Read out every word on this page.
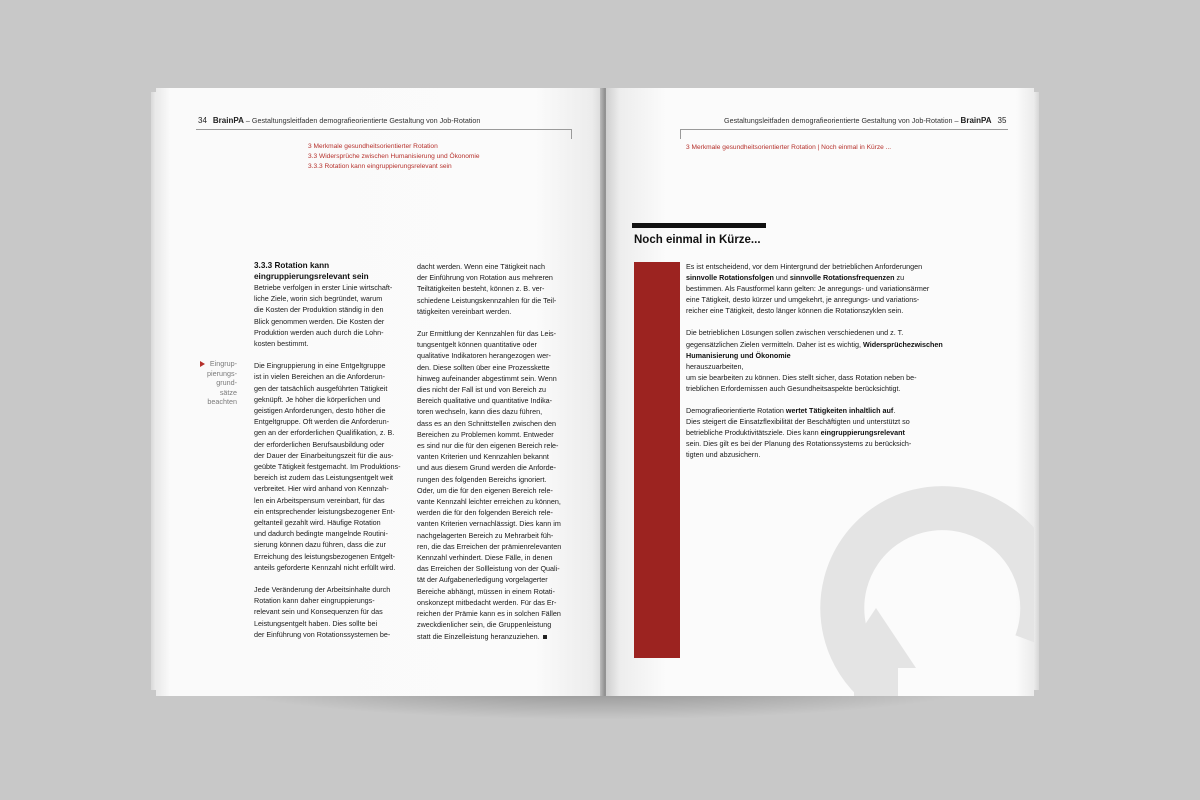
34 BrainPA – Gestaltungsleitfaden demografieorientierte Gestaltung von Job-Rotation
3 Merkmale gesundheitsorientierter Rotation
3.3 Widersprüche zwischen Humanisierung und Ökonomie
3.3.3 Rotation kann eingruppierungsrelevant sein
Eingrup-
pierungs-
grund-
sätze
beachten
3.3.3 Rotation kann
eingruppierungsrelevant sein

Betriebe verfolgen in erster Linie wirtschaft-
liche Ziele, worin sich begründet, warum
die Kosten der Produktion ständig in den
Blick genommen werden. Die Kosten der
Produktion werden auch durch die Lohn-
kosten bestimmt.

Die Eingruppierung in eine Entgeltgruppe
ist in vielen Bereichen an die Anforderun-
gen der tatsächlich ausgeführten Tätigkeit
geknüpft. Je höher die körperlichen und
geistigen Anforderungen, desto höher die
Entgeltgruppe. Oft werden die Anforderun-
gen an der erforderlichen Qualifikation, z. B.
der erforderlichen Berufsausbildung oder
der Dauer der Einarbeitungszeit für die aus-
geübte Tätigkeit festgemacht. Im Produktions-
bereich ist zudem das Leistungsentgelt weit
verbreitet. Hier wird anhand von Kennzah-
len ein Arbeitspensum vereinbart, für das
ein entsprechender leistungsbezogener Ent-
geltanteil gezahlt wird. Häufige Rotation
und dadurch bedingte mangelnde Routini-
sierung können dazu führen, dass die zur
Erreichung des leistungsbezogenen Entgelt-
anteils geforderte Kennzahl nicht erfüllt wird.

Jede Veränderung der Arbeitsinhalte durch
Rotation kann daher eingruppierungs-
relevant sein und Konsequenzen für das
Leistungsentgelt haben. Dies sollte bei
der Einführung von Rotationssystemen be-

dacht werden. Wenn eine Tätigkeit nach
der Einführung von Rotation aus mehreren
Teiltätigkeiten besteht, können z. B. ver-
schiedene Leistungskennzahlen für die Teil-
tätigkeiten vereinbart werden.

Zur Ermittlung der Kennzahlen für das Leis-
tungsentgelt können quantitative oder
qualitative Indikatoren herangezogen wer-
den. Diese sollten über eine Prozesskette
hinweg aufeinander abgestimmt sein. Wenn
dies nicht der Fall ist und von Bereich zu
Bereich qualitative und quantitative Indika-
toren wechseln, kann dies dazu führen,
dass es an den Schnittstellen zwischen den
Bereichen zu Problemen kommt. Entweder
es sind nur die für den eigenen Bereich rele-
vanten Kriterien und Kennzahlen bekannt
und aus diesem Grund werden die Anforde-
rungen des folgenden Bereichs ignoriert.
Oder, um die für den eigenen Bereich rele-
vante Kennzahl leichter erreichen zu können,
werden die für den folgenden Bereich rele-
vanten Kriterien vernachlässigt. Dies kann im
nachgelagerten Bereich zu Mehrarbeit füh-
ren, die das Erreichen der prämienrelevanten
Kennzahl verhindert. Diese Fälle, in denen
das Erreichen der Sollleistung von der Quali-
tät der Aufgabenerledigung vorgelagerter
Bereiche abhängt, müssen in einem Rotati-
onskonzept mitbedacht werden. Für das Er-
reichen der Prämie kann es in solchen Fällen
zweckdienlicher sein, die Gruppenleistung
statt die Einzelleistung heranzuziehen.

Gestaltungsleitfaden demografieorientierte Gestaltung von Job-Rotation – BrainPA 35
3 Merkmale gesundheitsorientierter Rotation | Noch einmal in Kürze ...
Noch einmal in Kürze...

Es ist entscheidend, vor dem Hintergrund der betrieblichen Anforderungen
sinnvolle Rotationsfolgen und sinnvolle Rotationsfrequenzen zu
bestimmen. Als Faustformel kann gelten: Je anregungs- und variationsärmer
eine Tätigkeit, desto kürzer und umgekehrt, je anregungs- und variations-
reicher eine Tätigkeit, desto länger können die Rotationszyklen sein.

Die betrieblichen Lösungen sollen zwischen verschiedenen und z. T.
gegensätzlichen Zielen vermitteln. Daher ist es wichtig, Widersprüchezwischen Humanisierung und Ökonomie
herauszuarbeiten,
um sie bearbeiten zu können. Dies stellt sicher, dass Rotation neben be-
trieblichen Erfordernissen auch Gesundheitsaspekte berücksichtigt.

Demografieorientierte Rotation wertet Tätigkeiten inhaltlich auf.
Dies steigert die Einsatzflexibilität der Beschäftigten und unterstützt so
betriebliche Produktivitätsziele. Dies kann eingruppierungsrelevant
sein. Dies gilt es bei der Planung des Rotationssystems zu berücksich-
tigten und abzusichern.
